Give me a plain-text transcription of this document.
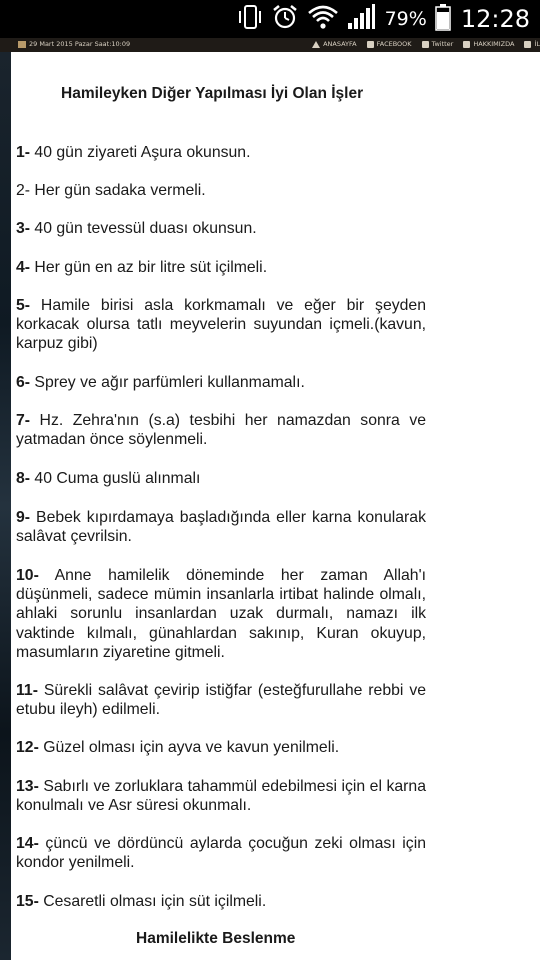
79% 12:28
29 Mart 2015 Pazar Saat:10:09	ANASAYFA	FACEBOOK	Twitter	HAKKIMIZDA	İL
Hamileyken Diğer Yapılması İyi Olan İşler
1- 40 gün ziyareti Aşura okunsun.
2- Her gün sadaka vermeli.
3- 40 gün tevessül duası okunsun.
4- Her gün en az bir litre süt içilmeli.
5- Hamile birisi asla korkmamalı ve eğer bir şeyden korkacak olursa tatlı meyvelerin suyundan içmeli.(kavun, karpuz gibi)
6- Sprey ve ağır parfümleri kullanmamalı.
7- Hz. Zehra'nın (s.a) tesbihi her namazdan sonra ve yatmadan önce söylenmeli.
8- 40 Cuma guslü alınmalı
9- Bebek kıpırdamaya başladığında eller karna konularak salâvat çevrilsin.
10- Anne hamilelik döneminde her zaman Allah'ı düşünmeli, sadece mümin insanlarla irtibat halinde olmalı, ahlaki sorunlu insanlardan uzak durmalı, namazı ilk vaktinde kılmalı, günahlardan sakınıp, Kuran okuyup, masumların ziyaretine gitmeli.
11- Sürekli salâvat çevirip istiğfar (esteğfurullahe rebbi ve etubu ileyh) edilmeli.
12- Güzel olması için ayva ve kavun yenilmeli.
13- Sabırlı ve zorluklara tahammül edebilmesi için el karna konulmalı ve Asr süresi okunmalı.
14- çüncü ve dördüncü aylarda çocuğun zeki olması için kondor yenilmeli.
15- Cesaretli olması için süt içilmeli.
Hamilelikte Beslenme
